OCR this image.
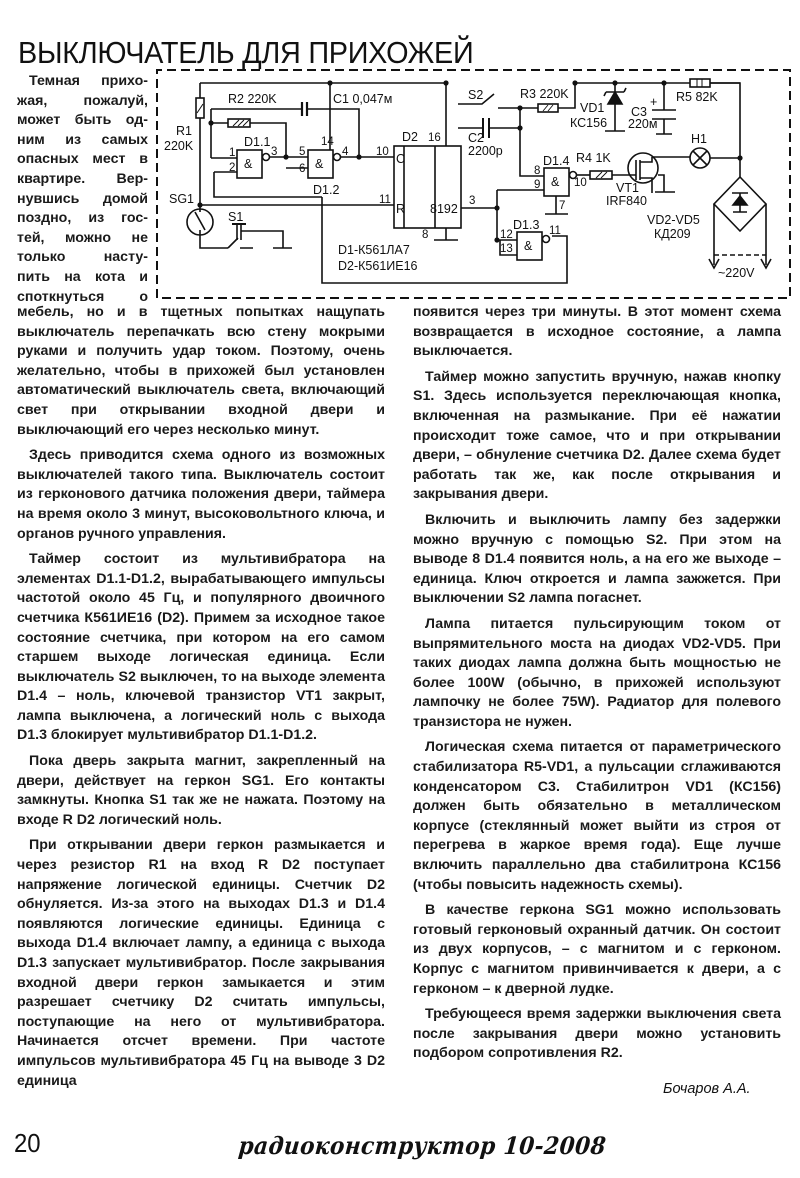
ВЫКЛЮЧАТЕЛЬ ДЛЯ ПРИХОЖЕЙ
R1
220K
R2 220K	C1 0,047м
D1.1
D1.2
D2
C
R 8192
SG1
S1
S2
C2
2200p
R3 220K
D1.4 R4 1K
D1.3
VD1
КС156
C3
220м
+ R5 82K
H1
VT1
IRF840
VD2-VD5
КД209
~220V
D1-К561ЛА7
D2-К561ИЕ16
&	&
&
&
1
2
3 5
6
4
14
10
11
16
8
3
8
9	10
7
12
13
11

Темная прихо-

жая, пожалуй,

может быть од-

ним из самых

опасных мест в

квартире. Вер-

нувшись домой

поздно, из гос-

тей, можно не

только насту-

пить на кота и

споткнуться о

мебель, но и в тщетных попытках нащупать выключатель перепачкать всю стену мокрыми руками и получить удар током. Поэтому, очень желательно, чтобы в прихожей был установлен автоматический выключатель света, включающий свет при открывании входной двери и выключающий его через несколько минут.

Здесь приводится схема одного из возможных выключателей такого типа. Выключатель состоит из герконового датчика положения двери, таймера на время около 3 минут, высоковольтного ключа, и органов ручного управления.

Таймер состоит из мультивибратора на элементах D1.1-D1.2, вырабатывающего импульсы частотой около 45 Гц, и популярного двоичного счетчика К561ИЕ16 (D2). Примем за исходное такое состояние счетчика, при котором на его самом старшем выходе логическая единица. Если выключатель S2 выключен, то на выходе элемента D1.4 – ноль, ключевой транзистор VT1 закрыт, лампа выключена, а логический ноль с выхода D1.3 блокирует мультивибратор D1.1-D1.2.

Пока дверь закрыта магнит, закрепленный на двери, действует на геркон SG1. Его контакты замкнуты. Кнопка S1 так же не нажата. Поэтому на входе R D2 логический ноль.

При открывании двери геркон размыкается и через резистор R1 на вход R D2 поступает напряжение логической единицы. Счетчик D2 обнуляется. Из-за этого на выходах D1.3 и D1.4 появляются логические единицы. Единица с выхода D1.4 включает лампу, а единица с выхода D1.3 запускает мультивибратор. После закрывания входной двери геркон замыкается и этим разрешает счетчику D2 считать импульсы, поступающие на него от мультивибратора. Начинается отсчет времени. При частоте импульсов мультивибратора 45 Гц на выводе 3 D2 единица

появится через три минуты. В этот момент схема возвращается в исходное состояние, а лампа выключается.

Таймер можно запустить вручную, нажав кнопку S1. Здесь используется переключающая кнопка, включенная на размыкание. При её нажатии происходит тоже самое, что и при открывании двери, – обнуление счетчика D2. Далее схема будет работать так же, как после открывания и закрывания двери.

Включить и выключить лампу без задержки можно вручную с помощью S2. При этом на выводе 8 D1.4 появится ноль, а на его же выходе – единица. Ключ откроется и лампа зажжется. При выключении S2 лампа погаснет.

Лампа питается пульсирующим током от выпрямительного моста на диодах VD2-VD5. При таких диодах лампа должна быть мощностью не более 100W (обычно, в прихожей используют лампочку не более 75W). Радиатор для полевого транзистора не нужен.

Логическая схема питается от параметрического стабилизатора R5-VD1, а пульсации сглаживаются конденсатором С3. Стабилитрон VD1 (КС156) должен быть обязательно в металлическом корпусе (стеклянный может выйти из строя от перегрева в жаркое время года). Еще лучше включить параллельно два стабилитрона КС156 (чтобы повысить надежность схемы).

В качестве геркона SG1 можно использовать готовый герконовый охранный датчик. Он состоит из двух корпусов, – с магнитом и с герконом. Корпус с магнитом привинчивается к двери, а с герконом – к дверной лудке.

Требующееся время задержки выключения света после закрывания двери можно установить подбором сопротивления R2.

Бочаров А.А.
20	радиоконструктор 10-2008
